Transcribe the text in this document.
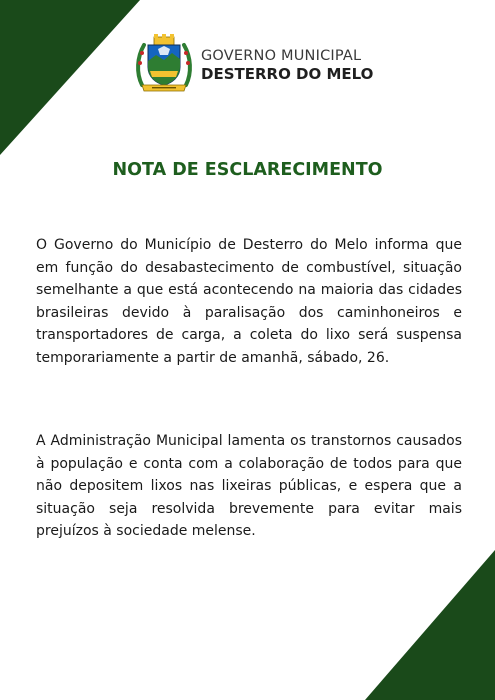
GOVERNO MUNICIPAL
DESTERRO DO MELO
NOTA DE ESCLARECIMENTO

O Governo do Município de Desterro do Melo informa que em função do desabastecimento de combustível, situação semelhante a que está acontecendo na maioria das cidades brasileiras devido à paralisação dos caminhoneiros e transportadores de carga, a coleta do lixo será suspensa temporariamente a partir de amanhã, sábado, 26.

A Administração Municipal lamenta os transtornos causados à população e conta com a colaboração de todos para que não depositem lixos nas lixeiras públicas, e espera que a situação seja resolvida brevemente para evitar mais prejuízos à sociedade melense.
